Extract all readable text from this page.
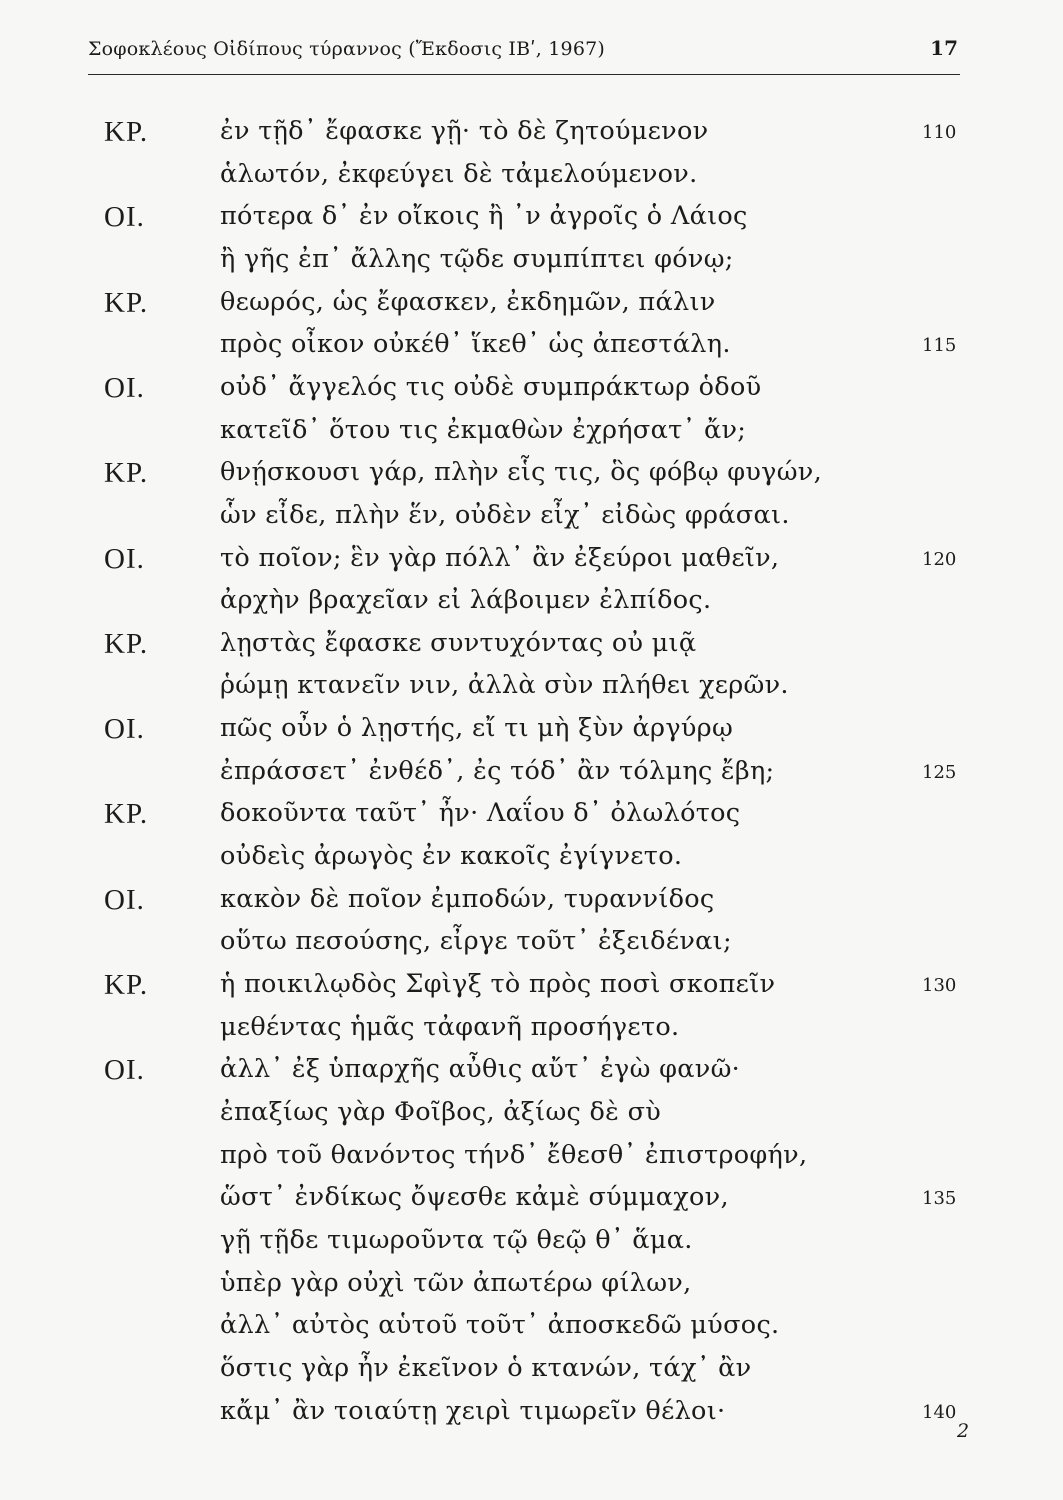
Σοφοκλέους Οἰδίπους τύραννος (Ἔκδοσις ΙΒʹ, 1967)	17
ΚΡ.	ἐν τῇδ᾽ ἔφασκε γῇ· τὸ δὲ ζητούμενον	110
ἁλωτόν, ἐκφεύγει δὲ τἀμελούμενον.
ΟΙ.	πότερα δ᾽ ἐν οἴκοις ἢ ᾽ν ἀγροῖς ὁ Λάιος
ἢ γῆς ἐπ᾽ ἄλλης τῷδε συμπίπτει φόνῳ;
ΚΡ.	θεωρός, ὡς ἔφασκεν, ἐκδημῶν, πάλιν
πρὸς οἶκον οὐκέθ᾽ ἵκεθ᾽ ὡς ἀπεστάλη.	115
ΟΙ.	οὐδ᾽ ἄγγελός τις οὐδὲ συμπράκτωρ ὁδοῦ
κατεῖδ᾽ ὅτου τις ἐκμαθὼν ἐχρήσατ᾽ ἄν;
ΚΡ.	θνῄσκουσι γάρ, πλὴν εἷς τις, ὃς φόβῳ φυγών,
ὧν εἶδε, πλὴν ἕν, οὐδὲν εἶχ᾽ εἰδὼς φράσαι.
ΟΙ.	τὸ ποῖον; ἓν γὰρ πόλλ᾽ ἂν ἐξεύροι μαθεῖν,	120
ἀρχὴν βραχεῖαν εἰ λάβοιμεν ἐλπίδος.
ΚΡ.	λῃστὰς ἔφασκε συντυχόντας οὐ μιᾷ
ῥώμῃ κτανεῖν νιν, ἀλλὰ σὺν πλήθει χερῶν.
ΟΙ.	πῶς οὖν ὁ λῃστής, εἴ τι μὴ ξὺν ἀργύρῳ
ἐπράσσετ᾽ ἐνθέδ᾽, ἐς τόδ᾽ ἂν τόλμης ἔβη;	125
ΚΡ.	δοκοῦντα ταῦτ᾽ ἦν· Λαΐου δ᾽ ὀλωλότος
οὐδεὶς ἀρωγὸς ἐν κακοῖς ἐγίγνετο.
ΟΙ.	κακὸν δὲ ποῖον ἐμποδών, τυραννίδος
οὕτω πεσούσης, εἶργε τοῦτ᾽ ἐξειδέναι;
ΚΡ.	ἡ ποικιλῳδὸς Σφὶγξ τὸ πρὸς ποσὶ σκοπεῖν	130
μεθέντας ἡμᾶς τἀφανῆ προσήγετο.
ΟΙ.	ἀλλ᾽ ἐξ ὑπαρχῆς αὖθις αὔτ᾽ ἐγὼ φανῶ·
ἐπαξίως γὰρ Φοῖβος, ἀξίως δὲ σὺ
πρὸ τοῦ θανόντος τήνδ᾽ ἔθεσθ᾽ ἐπιστροφήν,
ὥστ᾽ ἐνδίκως ὄψεσθε κἀμὲ σύμμαχον,	135
γῇ τῇδε τιμωροῦντα τῷ θεῷ θ᾽ ἅμα.
ὑπὲρ γὰρ οὐχὶ τῶν ἀπωτέρω φίλων,
ἀλλ᾽ αὐτὸς αὑτοῦ τοῦτ᾽ ἀποσκεδῶ μύσος.
ὅστις γὰρ ἦν ἐκεῖνον ὁ κτανών, τάχ᾽ ἂν
κἄμ᾽ ἂν τοιαύτῃ χειρὶ τιμωρεῖν θέλοι·	140
2
